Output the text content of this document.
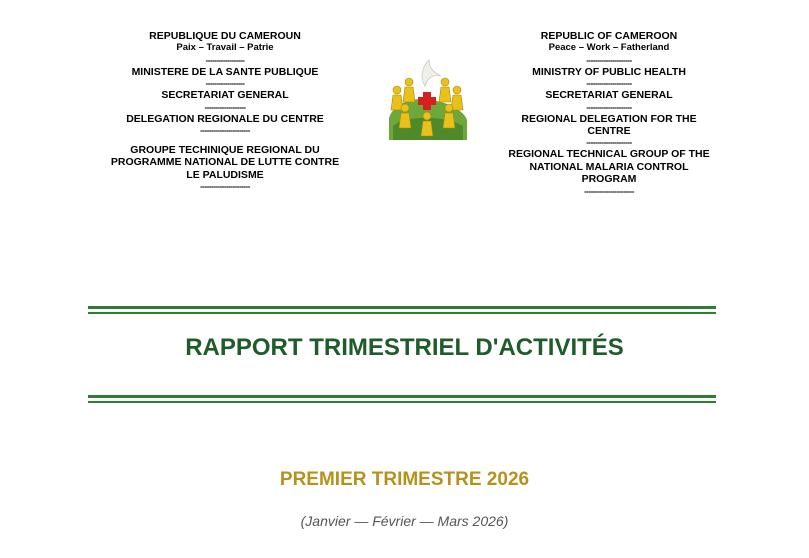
REPUBLIQUE DU CAMEROUN
Paix – Travail – Patrie
------------------
MINISTERE DE LA SANTE PUBLIQUE
------------------
SECRETARIAT GENERAL
-------------------
DELEGATION REGIONALE DU CENTRE
-----------------------
GROUPE TECHINIQUE REGIONAL DU
PROGRAMME NATIONAL DE LUTTE CONTRE
LE PALUDISME
-----------------------
REPUBLIC OF CAMEROON
Peace – Work – Fatherland
---------------------
MINISTRY OF PUBLIC HEALTH
---------------------
SECRETARIAT GENERAL
---------------------
REGIONAL DELEGATION FOR THE
CENTRE
---------------------
REGIONAL TECHNICAL GROUP OF THE
NATIONAL MALARIA CONTROL
PROGRAM
-----------------------
RAPPORT TRIMESTRIEL D'ACTIVITÉS
PREMIER TRIMESTRE 2026
(Janvier — Février — Mars 2026)
